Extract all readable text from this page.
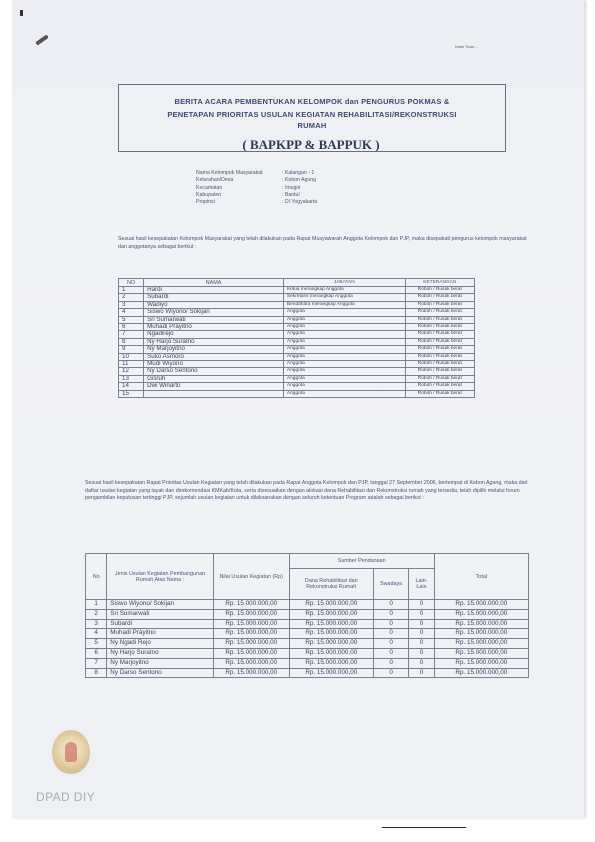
Kami Tuan ...
BERITA ACARA PEMBENTUKAN KELOMPOK dan PENGURUS POKMAS &
PENETAPAN PRIORITAS USULAN KEGIATAN REHABILITASI/REKONSTRUKSI
RUMAH
( BAPKPP & BAPPUK )
Nama Kelompok Masyarakat	: Kalangan - 1
Kelurahan/Desa	: Kebon Agung
Kecamatan	: Imogiri
Kabupaten	: Bantul
Propinsi	: DI Yogyakarta
Sesuai hasil kesepakatan Kelompok Masyarakat yang telah dilakukan pada Rapat Musyawarah Anggota Kelompok dan PJP, maka disepakati pengurus kelompok masyarakat dan anggotanya sebagai berikut :
NO	NAMA	JABATAN	KETERANGAN
1	Hardi	Ketua merangkap Anggota	Roboh / Rusak berat
2	Subardi	Sekretaris merangkap Anggota	Roboh / Rusak berat
3	Wadiyo	Bendahara merangkap Anggota	Roboh / Rusak berat
4	Siswo Wiyono/ Sokijan	Anggota	Roboh / Rusak berat
5	Sri Sumarwati	Anggota	Roboh / Rusak berat
6	Muhadi Prayitno	Anggota	Roboh / Rusak berat
7	Ngadirejo	Anggota	Roboh / Rusak berat
8	Ny Harjo Suratno	Anggota	Roboh / Rusak berat
9	Ny Marjoyitno	Anggota	Roboh / Rusak berat
10	Suko Asmoro	Anggota	Roboh / Rusak berat
11	Mudi Wiyono	Anggota	Roboh / Rusak berat
12	Ny Darso Sentono	Anggota	Roboh / Rusak berat
13	Gisruh	Anggota	Roboh / Rusak berat
14	Dwi Winarto	Anggota	Roboh / Rusak berat
15		Anggota	Roboh / Rusak berat
Sesuai hasil kesepakatan Rapat Prioritas Usulan Kegiatan yang telah dilakukan pada Rapat Anggota Kelompok dan PJP, tanggal 27 September 2006, bertempat di Kebon Agung, maka dari daftar usulan kegiatan yang layak dan direkomendasi KMKab/Kota, serta disesuaikan dengan alokasi dana Rehabilitasi dan Rekonstruksi rumah yang tersedia, telah dipilih melalui forum pengambilan keputusan tertinggi PJP, sejumlah usulan kegiatan untuk dilaksanakan dengan seluruh ketentuan Program adalah sebagai berikut :
No	Jenis Usulan Kegiatan Pembangunan Rumah Atas Nama :	Nilai Usulan Kegiatan (Rp)	Sumber Pendanaan			Total
			Dana Rehabilitasi dan Rekonstruksi Rumah	Swadaya	Lain-Lain	
1	Siswo Wiyono/ Sokijan	Rp. 15.000.000,00	Rp. 15.000.000,00	0	0	Rp. 15.000.000,00
2	Sri Sumarwati	Rp. 15.000.000,00	Rp. 15.000.000,00	0	0	Rp. 15.000.000,00
3	Subardi	Rp. 15.000.000,00	Rp. 15.000.000,00	0	0	Rp. 15.000.000,00
4	Muhadi Prayitno	Rp. 15.000.000,00	Rp. 15.000.000,00	0	0	Rp. 15.000.000,00
5	Ny Ngadi Rejo	Rp. 15.000.000,00	Rp. 15.000.000,00	0	0	Rp. 15.000.000,00
6	Ny Harjo Suratno	Rp. 15.000.000,00	Rp. 15.000.000,00	0	0	Rp. 15.000.000,00
7	Ny Marjoyitno	Rp. 15.000.000,00	Rp. 15.000.000,00	0	0	Rp. 15.000.000,00
8	Ny Darso Sentono	Rp. 15.000.000,00	Rp. 15.000.000,00	0	0	Rp. 15.000.000,00
DPAD DIY
